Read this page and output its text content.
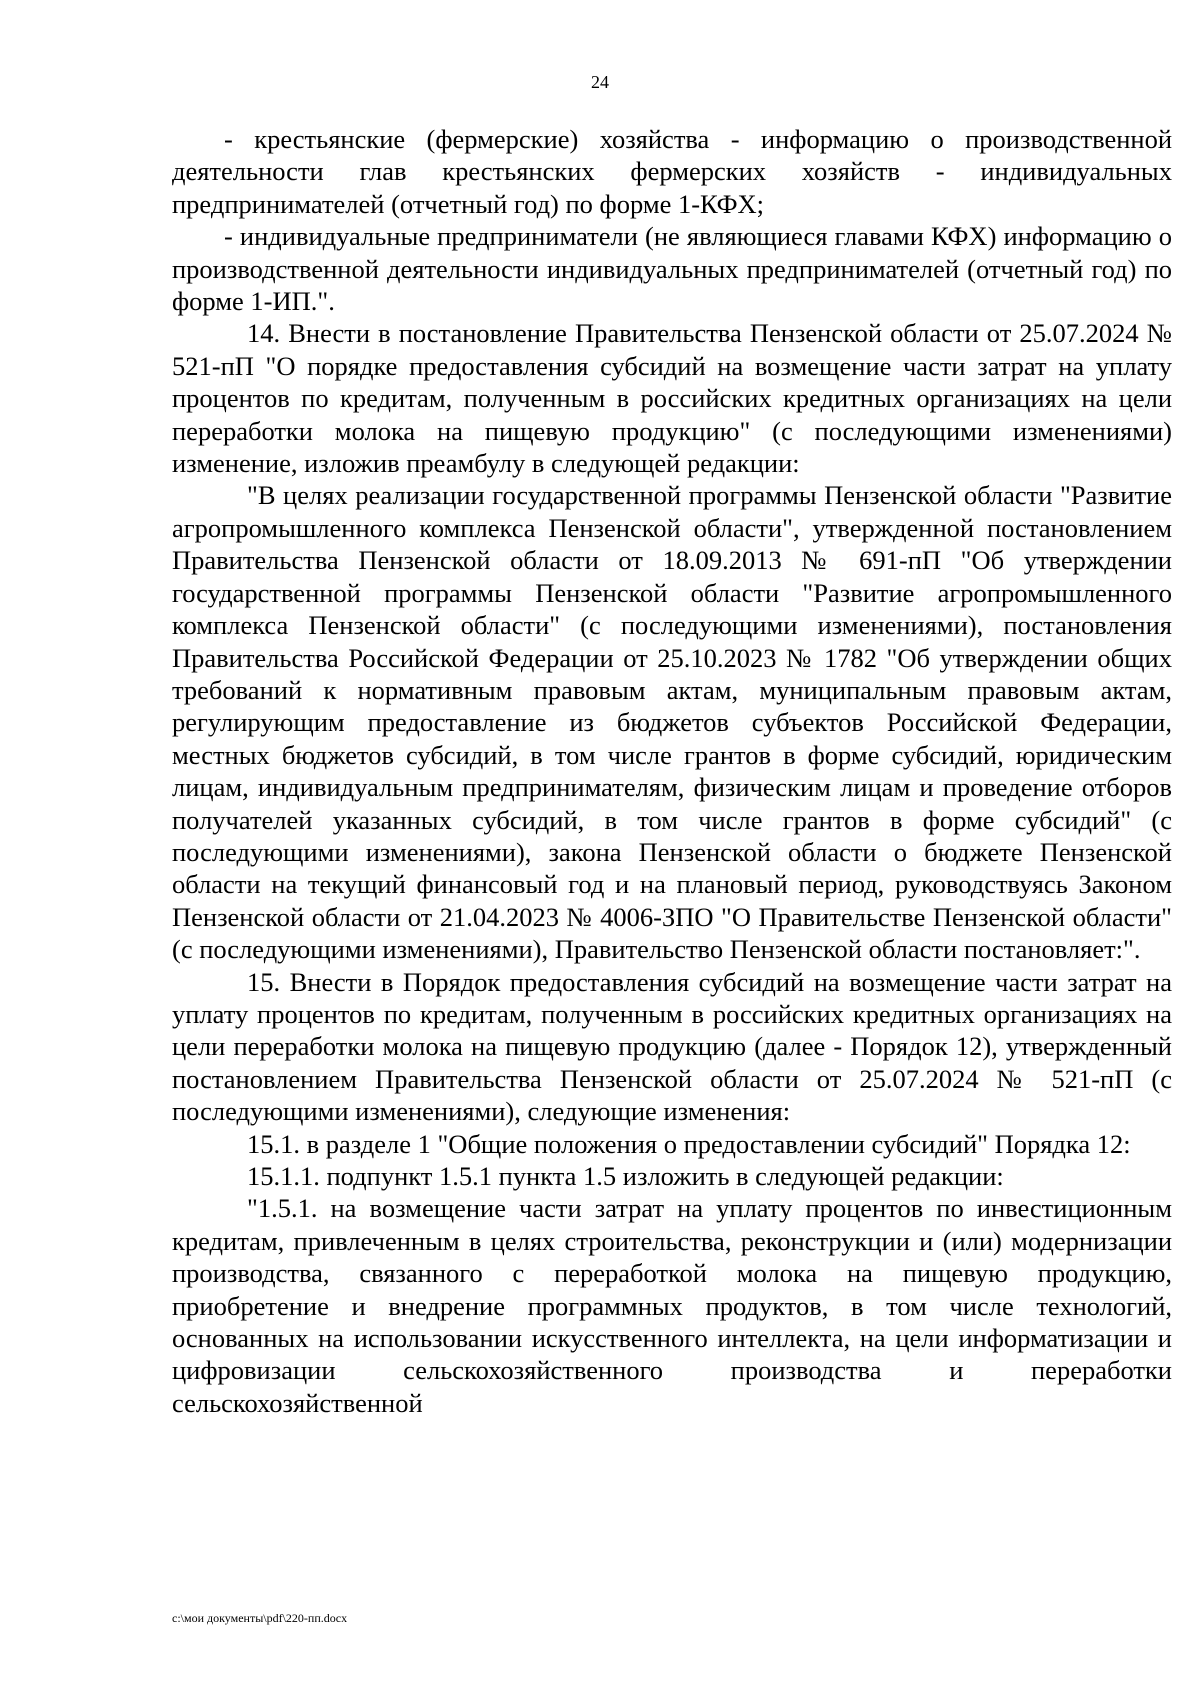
24

- крестьянские (фермерские) хозяйства - информацию о производственной деятельности глав крестьянских фермерских хозяйств - индивидуальных предпринимателей (отчетный год) по форме 1-КФХ;

- индивидуальные предприниматели (не являющиеся главами КФХ) информацию о производственной деятельности индивидуальных предпринимателей (отчетный год) по форме 1-ИП.".

14. Внести в постановление Правительства Пензенской области от 25.07.2024 № 521-пП "О порядке предоставления субсидий на возмещение части затрат на уплату процентов по кредитам, полученным в российских кредитных организациях на цели переработки молока на пищевую продукцию" (с последующими изменениями) изменение, изложив преамбулу в следующей редакции:

"В целях реализации государственной программы Пензенской области "Развитие агропромышленного комплекса Пензенской области", утвержденной постановлением Правительства Пензенской области от 18.09.2013 № 691-пП "Об утверждении государственной программы Пензенской области "Развитие агропромышленного комплекса Пензенской области" (с последующими изменениями), постановления Правительства Российской Федерации от 25.10.2023 № 1782 "Об утверждении общих требований к нормативным правовым актам, муниципальным правовым актам, регулирующим предоставление из бюджетов субъектов Российской Федерации, местных бюджетов субсидий, в том числе грантов в форме субсидий, юридическим лицам, индивидуальным предпринимателям, физическим лицам и проведение отборов получателей указанных субсидий, в том числе грантов в форме субсидий" (с последующими изменениями), закона Пензенской области о бюджете Пензенской области на текущий финансовый год и на плановый период, руководствуясь Законом Пензенской области от 21.04.2023 № 4006-ЗПО "О Правительстве Пензенской области" (с последующими изменениями), Правительство Пензенской области постановляет:".

15. Внести в Порядок предоставления субсидий на возмещение части затрат на уплату процентов по кредитам, полученным в российских кредитных организациях на цели переработки молока на пищевую продукцию (далее - Порядок 12), утвержденный постановлением Правительства Пензенской области от 25.07.2024 № 521-пП (с последующими изменениями), следующие изменения:

15.1. в разделе 1 "Общие положения о предоставлении субсидий" Порядка 12:

15.1.1. подпункт 1.5.1 пункта 1.5 изложить в следующей редакции:

"1.5.1. на возмещение части затрат на уплату процентов по инвестиционным кредитам, привлеченным в целях строительства, реконструкции и (или) модернизации производства, связанного с переработкой молока на пищевую продукцию, приобретение и внедрение программных продуктов, в том числе технологий, основанных на использовании искусственного интеллекта, на цели информатизации и цифровизации сельскохозяйственного производства и переработки сельскохозяйственной

c:\мои документы\pdf\220-пп.docx
